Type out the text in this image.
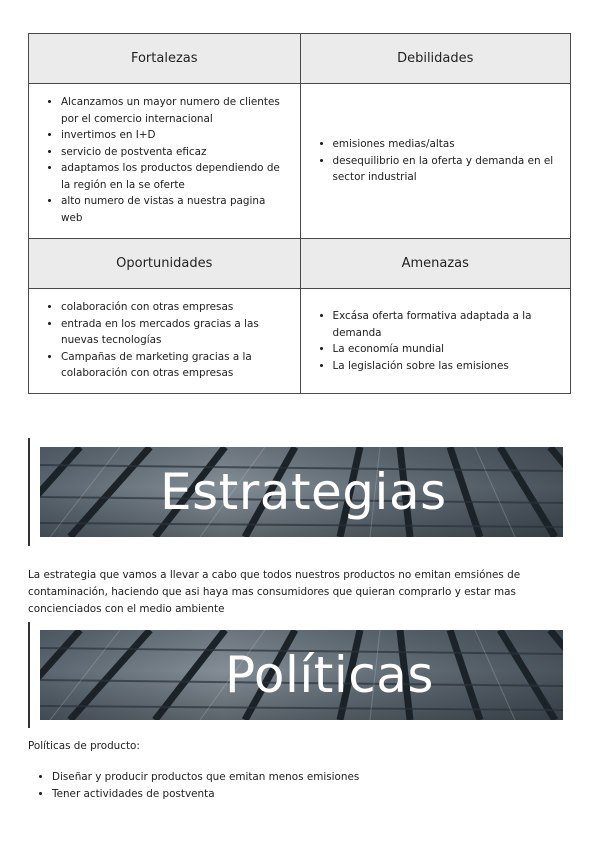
Fortalezas	Debilidades
• Alcanzamos un mayor numero de clientes por el comercio internacional
• invertimos en I+D
• servicio de postventa eficaz
• adaptamos los productos dependiendo de la región en la se oferte
• alto numero de vistas a nuestra pagina web
• emisiones medias/altas
• desequilibrio en la oferta y demanda en el sector industrial
Oportunidades	Amenazas
• colaboración con otras empresas
• entrada en los mercados gracias a las nuevas tecnologías
• Campañas de marketing gracias a la colaboración con otras empresas
• Excása oferta formativa adaptada a la demanda
• La economía mundial
• La legislación sobre las emisiones
Estrategias

La estrategia que vamos a llevar a cabo que todos nuestros productos no emitan emsiónes de contaminación, haciendo que asi haya mas consumidores que quieran comprarlo y estar mas concienciados con el medio ambiente

Políticas
Políticas de producto:
• Diseñar y producir productos que emitan menos emisiones
• Tener actividades de postventa
